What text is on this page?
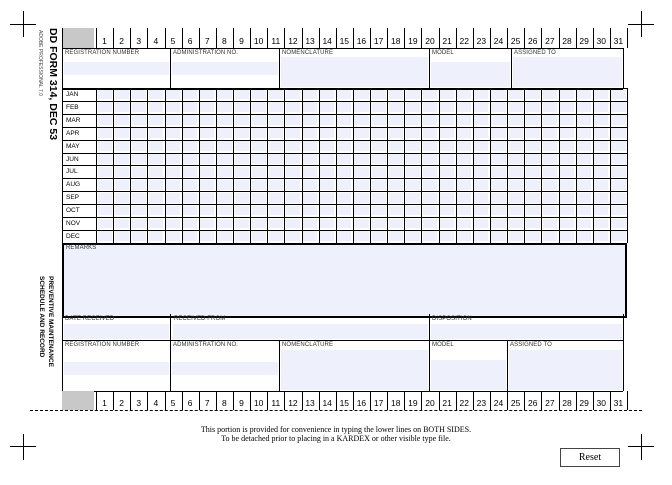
DD FORM 314, DEC 53
ADOBE PROFESSIONAL 7.0
PREVENTIVE MAINTENANCE
SCHEDULE AND RECORD
1	2	3	4	5	6	7	8	9	10 11 12 13 14 15 16 17 18 19 20 21 22 23 24 25 26 27 28 29 30 31
REGISTRATION NUMBER	ADMINISTRATION NO.	NOMENCLATURE	MODEL	ASSIGNED TO
JAN
FEB
MAR
APR
MAY
JUN
JUL
AUG
SEP
OCT
NOV
DEC
REMARKS
DATE RECEIVED	RECEIVED FROM	DISPOSITION
REGISTRATION NUMBER	ADMINISTRATION NO.	NOMENCLATURE	MODEL	ASSIGNED TO
1	2	3	4	5	6	7	8	9	10 11 12 13 14 15 16 17 18 19 20 21 22 23 24 25 26 27 28 29 30 31
This portion is provided for convenience in typing the lower lines on BOTH SIDES.
To be detached prior to placing in a KARDEX or other visible type file.
Reset
